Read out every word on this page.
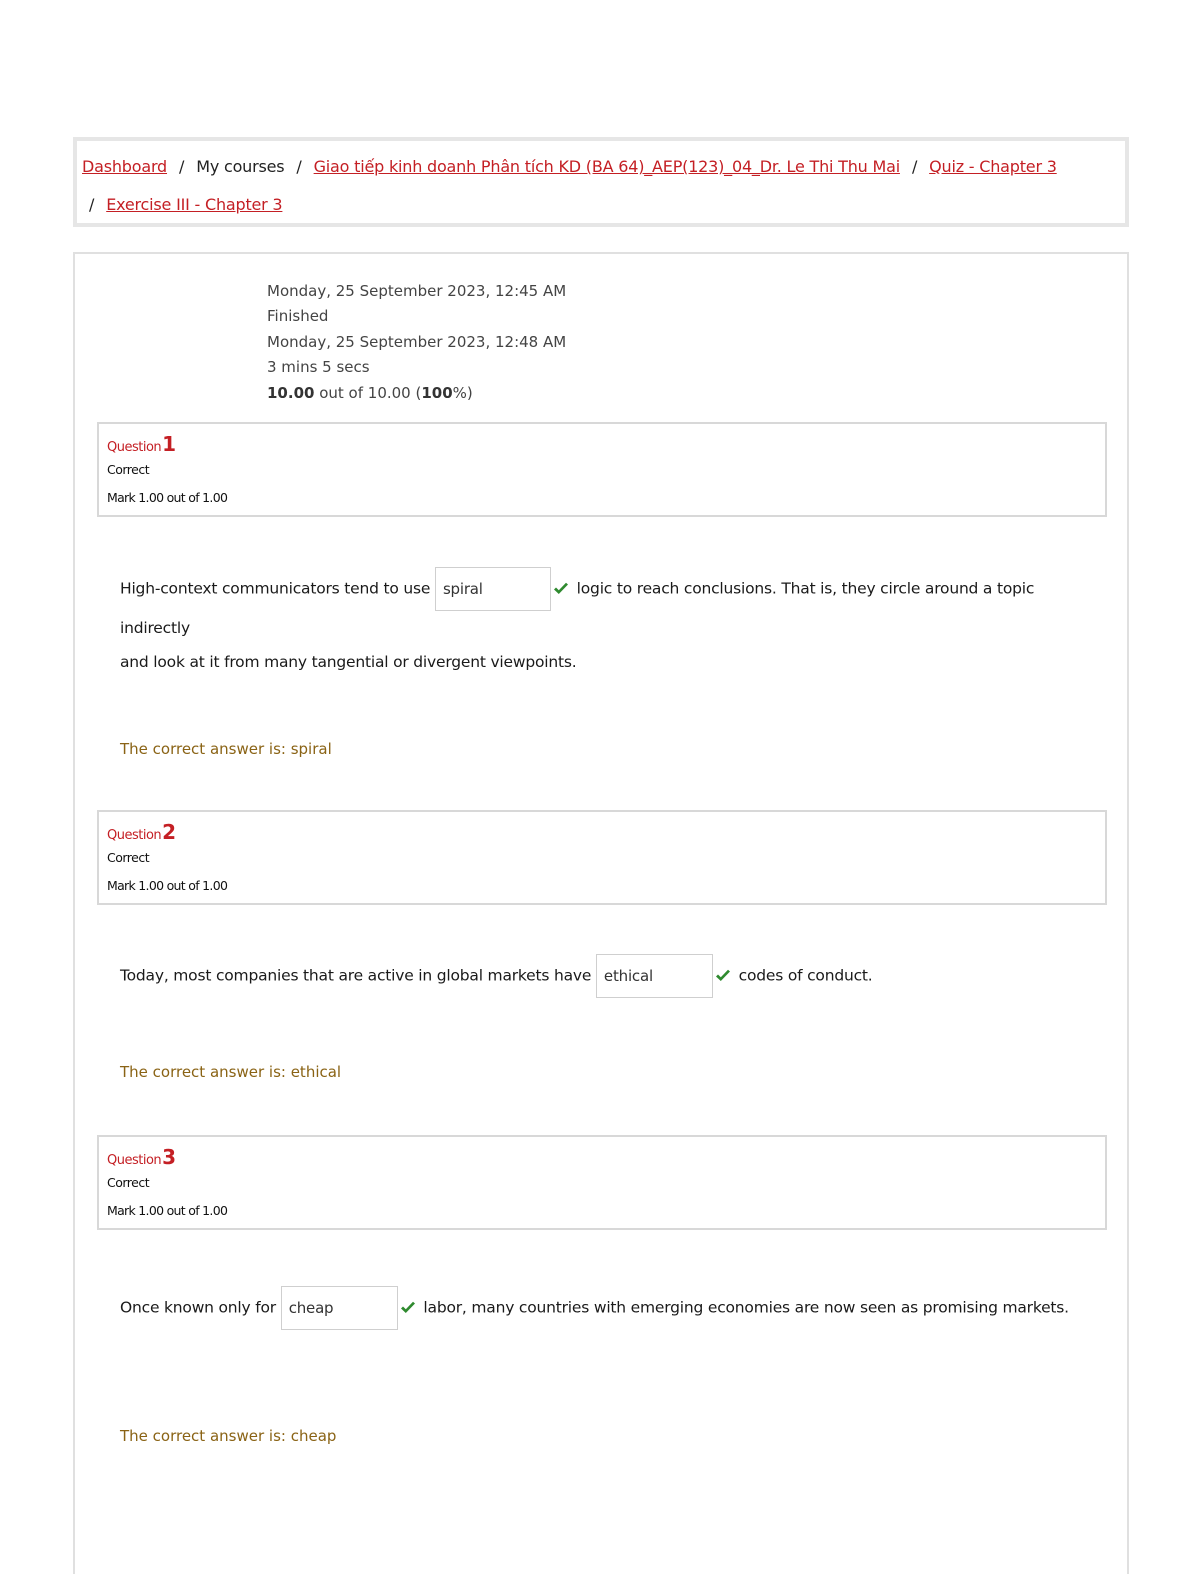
Dashboard / My courses / Giao tiếp kinh doanh Phân tích KD (BA 64)_AEP(123)_04_Dr. Le Thi Thu Mai / Quiz - Chapter 3
/ Exercise III - Chapter 3
Monday, 25 September 2023, 12:45 AM
Finished
Monday, 25 September 2023, 12:48 AM
3 mins 5 secs
10.00 out of 10.00 (100%)
Question1
Correct
Mark 1.00 out of 1.00
High-context communicators tend to use spiral	logic to reach conclusions. That is, they circle around a topic indirectly
and look at it from many tangential or divergent viewpoints.
The correct answer is: spiral
Question2
Correct
Mark 1.00 out of 1.00
Today, most companies that are active in global markets have ethical	codes of conduct.
The correct answer is: ethical
Question3
Correct
Mark 1.00 out of 1.00
Once known only for cheap	labor, many countries with emerging economies are now seen as promising markets.
The correct answer is: cheap
